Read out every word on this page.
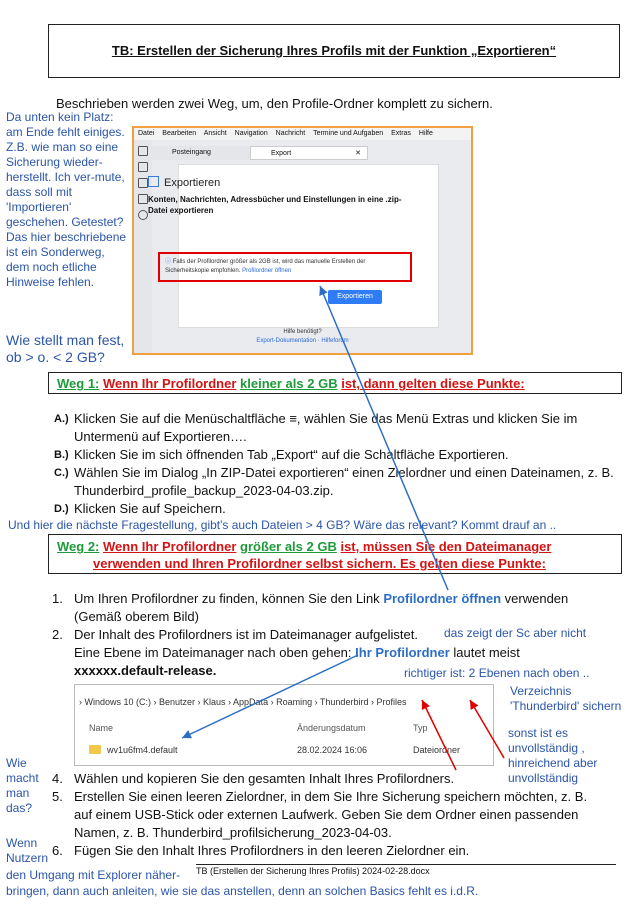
TB: Erstellen der Sicherung Ihres Profils mit der Funktion „Exportieren“
Beschrieben werden zwei Weg, um, den Profile-Ordner komplett zu sichern.
Da unten kein Platz: am Ende fehlt einiges. Z.B. wie man so eine Sicherung wieder-herstellt. Ich ver-mute, dass soll mit 'Importieren' geschehen. Getestet? Das hier beschriebene ist ein Sonderweg, dem noch etliche Hinweise fehlen.
Wie stellt man fest, ob > o. < 2 GB?
Datei Bearbeiten Ansicht Navigation Nachricht Termine und Aufgaben Extras Hilfe
Posteingang	Export	✕
Exportieren
Konten, Nachrichten, Adressbücher und Einstellungen in eine .zip-Datei exportieren
ⓘ Falls der Profilordner größer als 2GB ist, wird das manuelle Erstellen der Sicherheitskopie empfohlen. Profilordner öffnen
Exportieren
Hilfe benötigt?
Export-Dokumentation · Hilfeforum
Weg 1: Wenn Ihr Profilordner kleiner als 2 GB ist, dann gelten diese Punkte:
A.) Klicken Sie auf die Menüschaltfläche ≡, wählen Sie das Menü Extras und klicken Sie im Untermenü auf Exportieren….
B.) Klicken Sie im sich öffnenden Tab „Export“ auf die Schaltfläche Exportieren.
C.) Wählen Sie im Dialog „In ZIP-Datei exportieren“ einen Zielordner und einen Dateinamen, z. B. Thunderbird_profile_backup_2023-04-03.zip.
D.) Klicken Sie auf Speichern.
Und hier die nächste Fragestellung, gibt's auch Dateien > 4 GB? Wäre das relevant? Kommt drauf an ..
Weg 2: Wenn Ihr Profilordner größer als 2 GB ist, müssen Sie den Dateimanager
verwenden und Ihren Profilordner selbst sichern. Es gelten diese Punkte:
1. Um Ihren Profilordner zu finden, können Sie den Link Profilordner öffnen verwenden
(Gemäß oberem Bild)
2. Der Inhalt des Profilordners ist im Dateimanager aufgelistet.
Eine Ebene im Dateimanager nach oben gehen: Ihr Profilordner lautet meist
xxxxxx.default-release.
› Windows 10 (C:) › Benutzer › Klaus › AppData › Roaming › Thunderbird › Profiles
Name	Änderungsdatum	Typ
wv1u6fm4.default	28.02.2024 16:06	Dateiordner
das zeigt der Sc aber nicht
richtiger ist: 2 Ebenen nach oben ..
Verzeichnis 'Thunderbird' sichern
sonst ist es unvollständig , hinreichend aber unvollständig
Wie macht man das?
Wenn Nutzern
4. Wählen und kopieren Sie den gesamten Inhalt Ihres Profilordners.
5. Erstellen Sie einen leeren Zielordner, in dem Sie Ihre Sicherung speichern möchten, z. B. auf einem USB-Stick oder externen Laufwerk. Geben Sie dem Ordner einen passenden Namen, z. B. Thunderbird_profilsicherung_2023-04-03.
6. Fügen Sie den Inhalt Ihres Profilordners in den leeren Zielordner ein.
den Umgang mit Explorer näher- TB (Erstellen der Sicherung Ihres Profils) 2024-02-28.docx
bringen, dann auch anleiten, wie sie das anstellen, denn an solchen Basics fehlt es i.d.R.
